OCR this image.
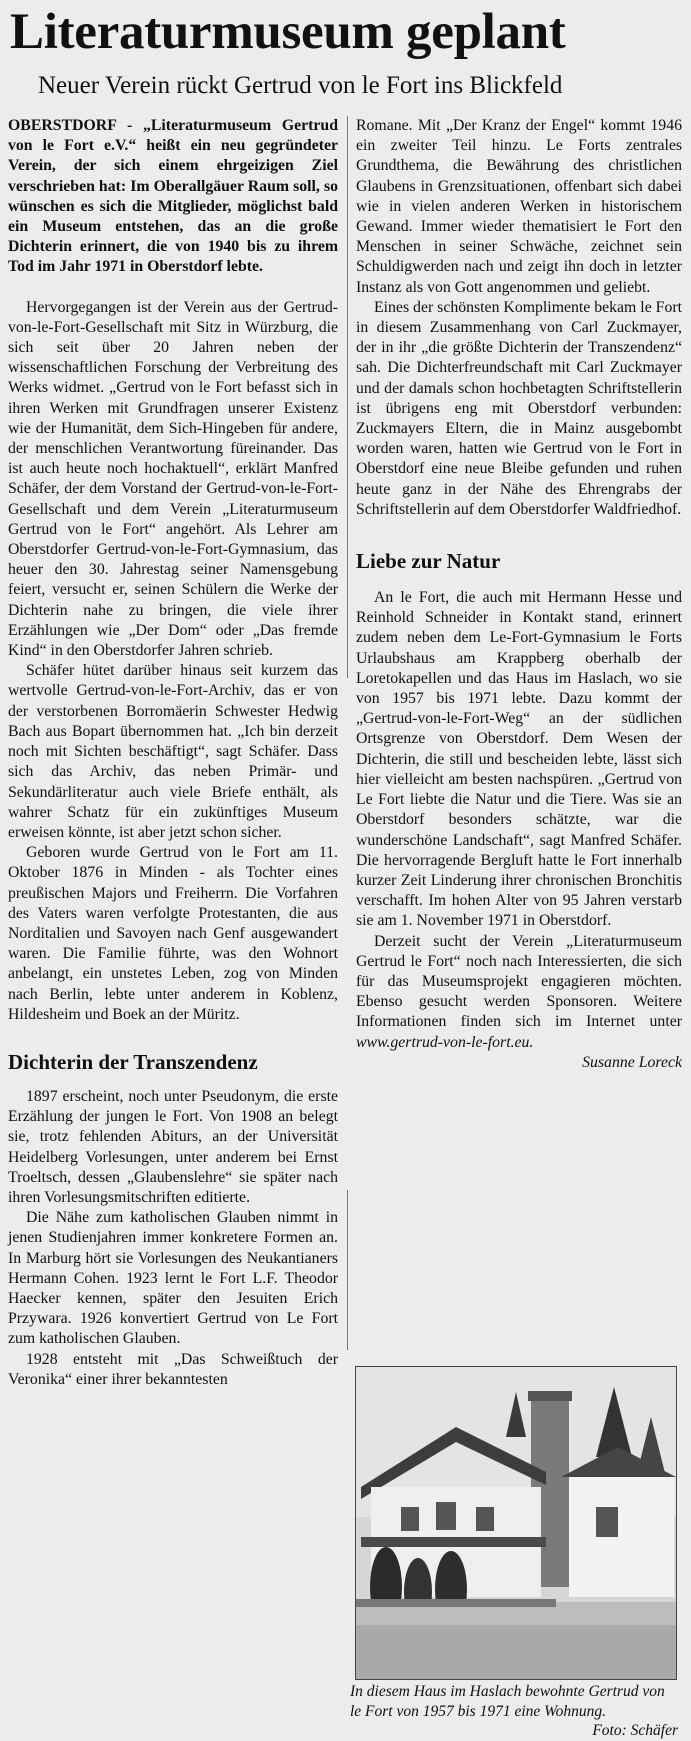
Literaturmuseum geplant
Neuer Verein rückt Gertrud von le Fort ins Blickfeld

OBERSTDORF - „Literaturmuseum Gertrud von le Fort e.V.“ heißt ein neu gegründeter Verein, der sich einem ehrgeizigen Ziel verschrieben hat: Im Oberallgäuer Raum soll, so wünschen es sich die Mitglieder, möglichst bald ein Museum entstehen, das an die große Dichterin erinnert, die von 1940 bis zu ihrem Tod im Jahr 1971 in Oberstdorf lebte.

Hervorgegangen ist der Verein aus der Gertrud-von-le-Fort-Gesellschaft mit Sitz in Würzburg, die sich seit über 20 Jahren neben der wissenschaftlichen Forschung der Verbreitung des Werks widmet. „Gertrud von le Fort befasst sich in ihren Werken mit Grundfragen unserer Existenz wie der Humanität, dem Sich-Hingeben für andere, der menschlichen Verantwortung füreinander. Das ist auch heute noch hochaktuell“, erklärt Manfred Schäfer, der dem Vorstand der Gertrud-von-le-Fort-Gesellschaft und dem Verein „Literaturmuseum Gertrud von le Fort“ angehört. Als Lehrer am Oberstdorfer Gertrud-von-le-Fort-Gymnasium, das heuer den 30. Jahrestag seiner Namensgebung feiert, versucht er, seinen Schülern die Werke der Dichterin nahe zu bringen, die viele ihrer Erzählungen wie „Der Dom“ oder „Das fremde Kind“ in den Oberstdorfer Jahren schrieb.

Schäfer hütet darüber hinaus seit kurzem das wertvolle Gertrud-von-le-Fort-Archiv, das er von der verstorbenen Borromäerin Schwester Hedwig Bach aus Bopart übernommen hat. „Ich bin derzeit noch mit Sichten beschäftigt“, sagt Schäfer. Dass sich das Archiv, das neben Primär- und Sekundärliteratur auch viele Briefe enthält, als wahrer Schatz für ein zukünftiges Museum erweisen könnte, ist aber jetzt schon sicher.

Geboren wurde Gertrud von le Fort am 11. Oktober 1876 in Minden - als Tochter eines preußischen Majors und Freiherrn. Die Vorfahren des Vaters waren verfolgte Protestanten, die aus Norditalien und Savoyen nach Genf ausgewandert waren. Die Familie führte, was den Wohnort anbelangt, ein unstetes Leben, zog von Minden nach Berlin, lebte unter anderem in Koblenz, Hildesheim und Boek an der Müritz.

Dichterin der Transzendenz

1897 erscheint, noch unter Pseudonym, die erste Erzählung der jungen le Fort. Von 1908 an belegt sie, trotz fehlenden Abiturs, an der Universität Heidelberg Vorlesungen, unter anderem bei Ernst Troeltsch, dessen „Glaubenslehre“ sie später nach ihren Vorlesungsmitschriften editierte.

Die Nähe zum katholischen Glauben nimmt in jenen Studienjahren immer konkretere Formen an. In Marburg hört sie Vorlesungen des Neukantianers Hermann Cohen. 1923 lernt le Fort L.F. Theodor Haecker kennen, später den Jesuiten Erich Przywara. 1926 konvertiert Gertrud von Le Fort zum katholischen Glauben.

1928 entsteht mit „Das Schweißtuch der Veronika“ einer ihrer bekanntesten

Romane. Mit „Der Kranz der Engel“ kommt 1946 ein zweiter Teil hinzu. Le Forts zentrales Grundthema, die Bewährung des christlichen Glaubens in Grenzsituationen, offenbart sich dabei wie in vielen anderen Werken in historischem Gewand. Immer wieder thematisiert le Fort den Menschen in seiner Schwäche, zeichnet sein Schuldigwerden nach und zeigt ihn doch in letzter Instanz als von Gott angenommen und geliebt.

Eines der schönsten Komplimente bekam le Fort in diesem Zusammenhang von Carl Zuckmayer, der in ihr „die größte Dichterin der Transzendenz“ sah. Die Dichterfreundschaft mit Carl Zuckmayer und der damals schon hochbetagten Schriftstellerin ist übrigens eng mit Oberstdorf verbunden: Zuckmayers Eltern, die in Mainz ausgebombt worden waren, hatten wie Gertrud von le Fort in Oberstdorf eine neue Bleibe gefunden und ruhen heute ganz in der Nähe des Ehrengrabs der Schriftstellerin auf dem Oberstdorfer Waldfriedhof.

Liebe zur Natur

An le Fort, die auch mit Hermann Hesse und Reinhold Schneider in Kontakt stand, erinnert zudem neben dem Le-Fort-Gymnasium le Forts Urlaubshaus am Krappberg oberhalb der Loretokapellen und das Haus im Haslach, wo sie von 1957 bis 1971 lebte. Dazu kommt der „Gertrud-von-le-Fort-Weg“ an der südlichen Ortsgrenze von Oberstdorf. Dem Wesen der Dichterin, die still und bescheiden lebte, lässt sich hier vielleicht am besten nachspüren. „Gertrud von Le Fort liebte die Natur und die Tiere. Was sie an Oberstdorf besonders schätzte, war die wunderschöne Landschaft“, sagt Manfred Schäfer. Die hervorragende Bergluft hatte le Fort innerhalb kurzer Zeit Linderung ihrer chronischen Bronchitis verschafft. Im hohen Alter von 95 Jahren verstarb sie am 1. November 1971 in Oberstdorf.

Derzeit sucht der Verein „Literaturmuseum Gertrud le Fort“ noch nach Interessierten, die sich für das Museumsprojekt engagieren möchten. Ebenso gesucht werden Sponsoren. Weitere Informationen finden sich im Internet unter www.gertrud-von-le-fort.eu.

Susanne Loreck

In diesem Haus im Haslach bewohnte Gertrud von le Fort von 1957 bis 1971 eine Wohnung.
Foto: Schäfer
